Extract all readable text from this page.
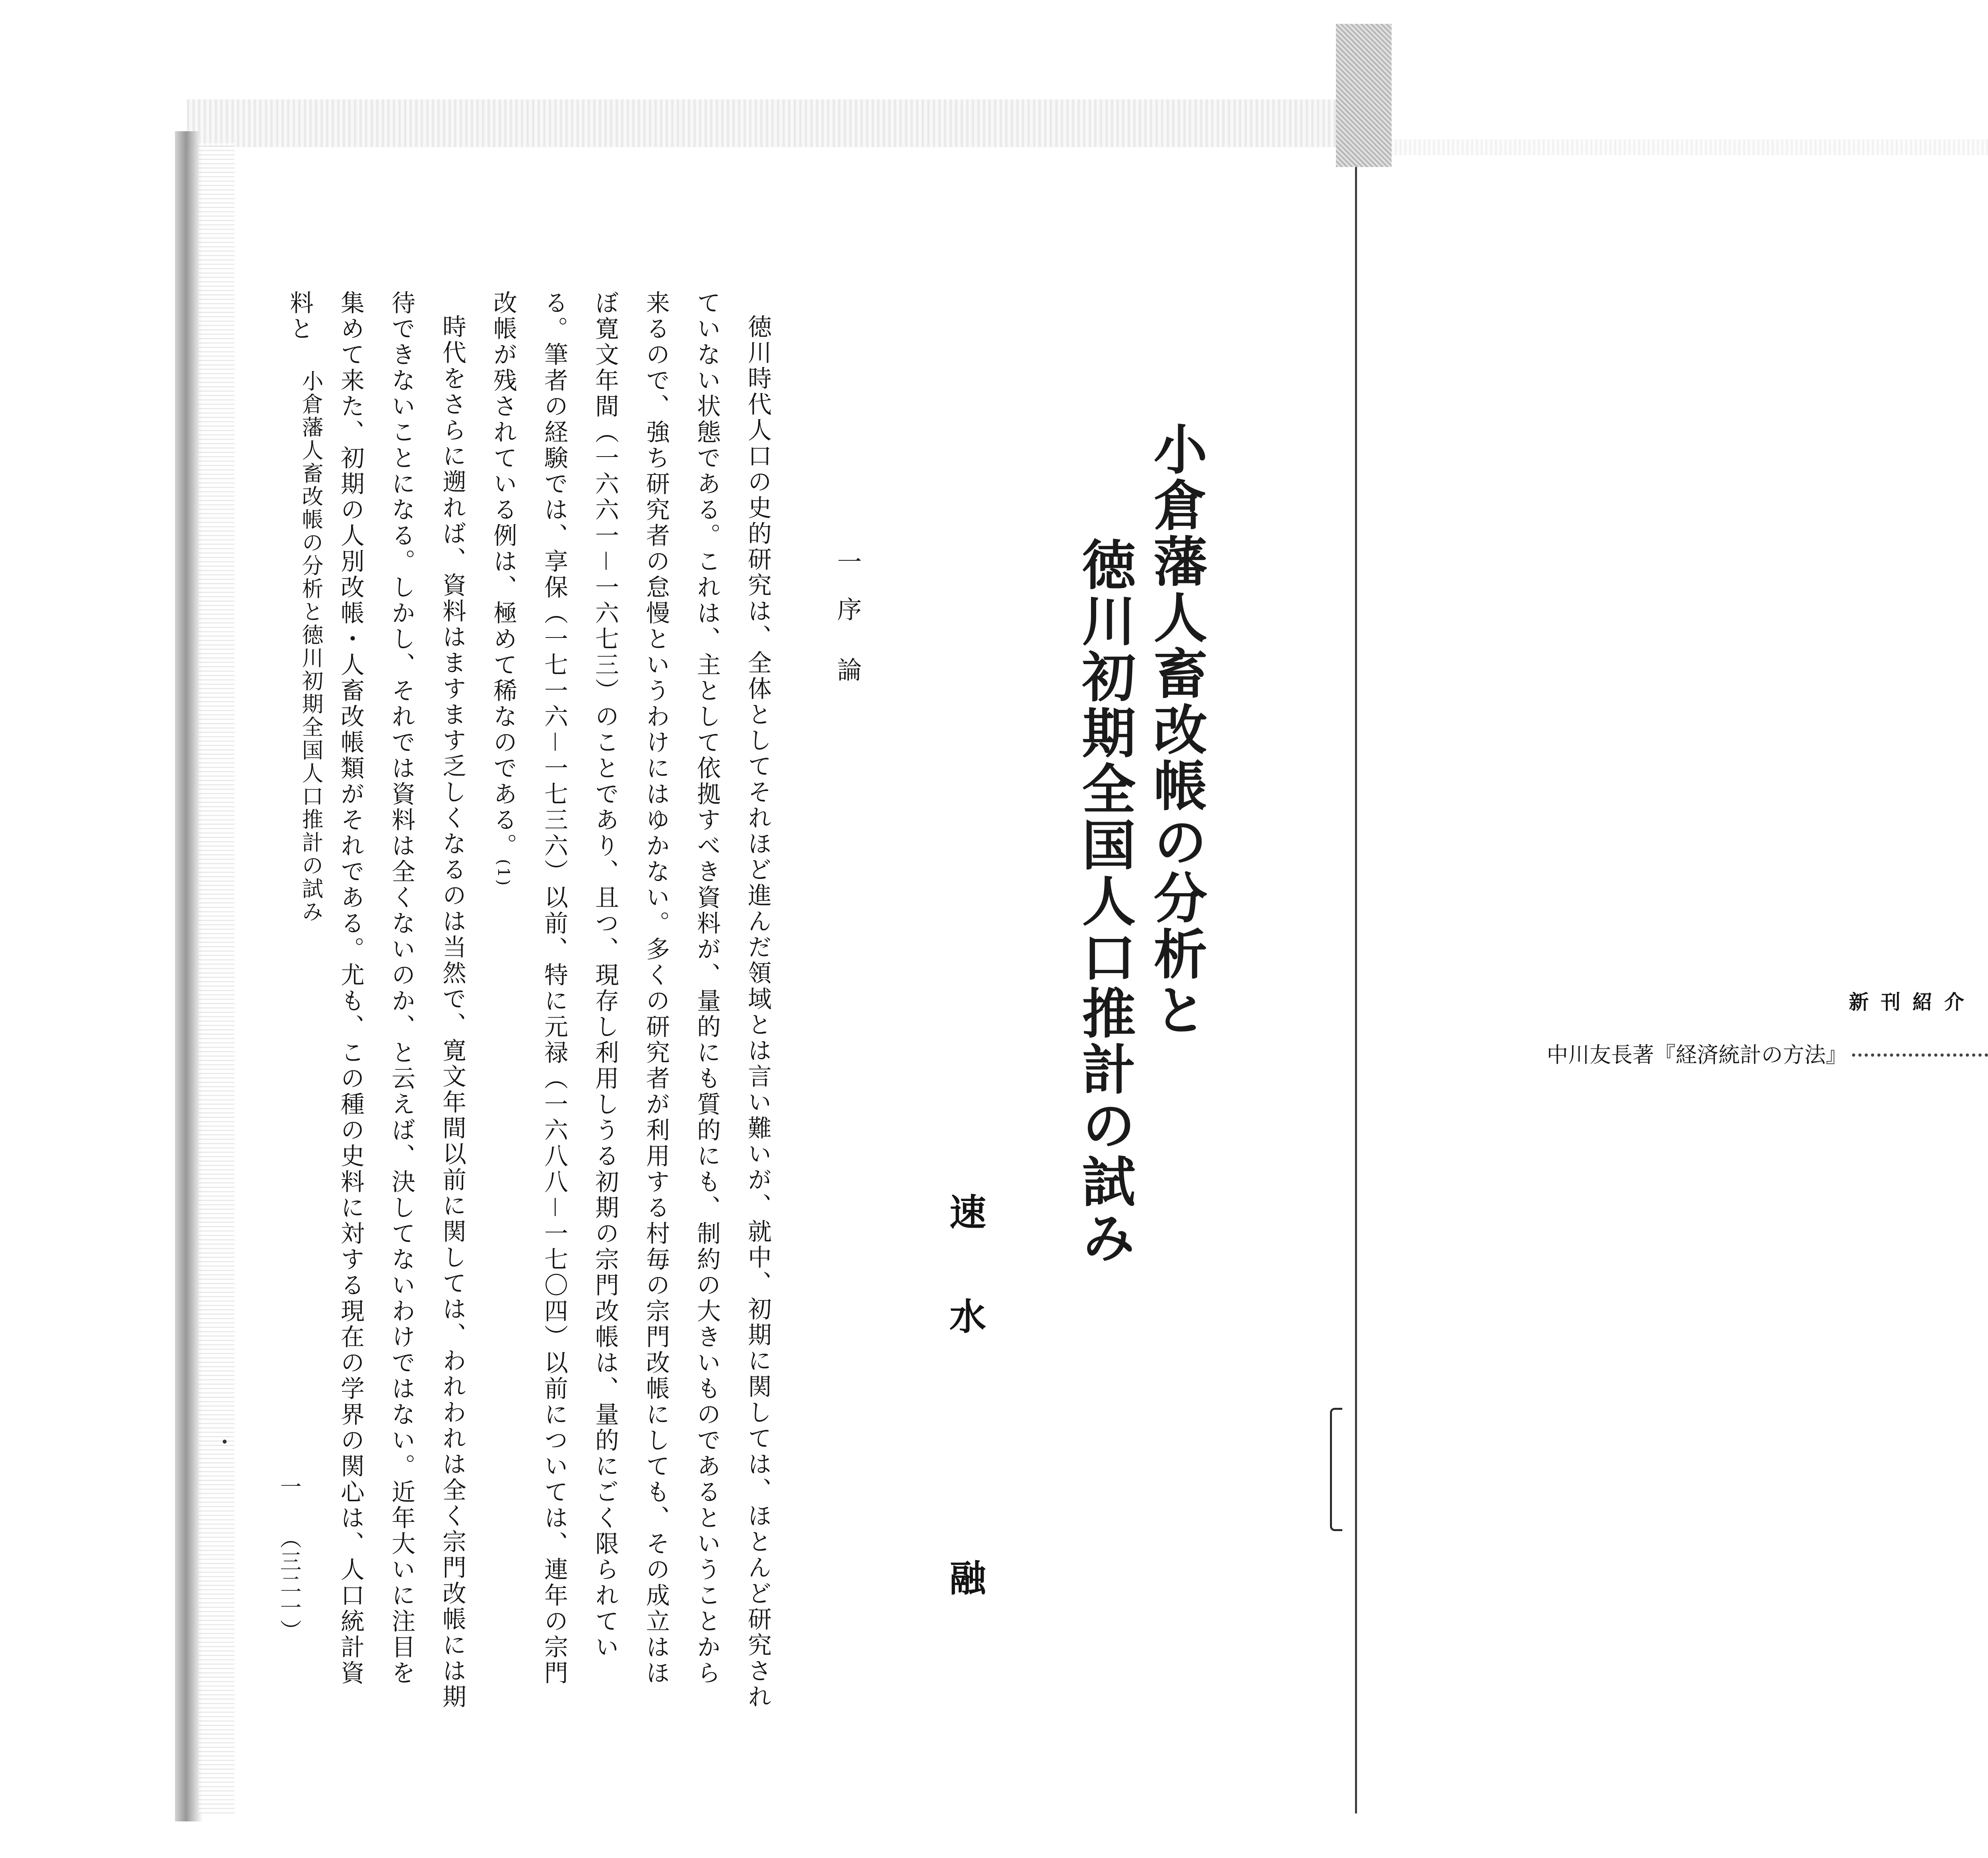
小倉藩人畜改帳の分析と
徳川初期全国人口推計の試み
速水
融
一
序論

徳川時代人口の史的研究は、全体としてそれほど進んだ領域とは言い難いが、就中、初期に関しては、ほとんど研究されていない状態である。これは、主として依拠すべき資料が、量的にも質的にも、制約の大きいものであるということから来るので、強ち研究者の怠慢というわけにはゆかない。多くの研究者が利用する村毎の宗門改帳にしても、その成立はほぼ寛文年間（一六六一－一六七三）のことであり、且つ、現存し利用しうる初期の宗門改帳は、量的にごく限られている。筆者の経験では、享保（一七一六－一七三六）以前、特に元禄（一六八八－一七〇四）以前については、連年の宗門改帳が残されている例は、極めて稀なのである。(1)

時代をさらに遡れば、資料はますます乏しくなるのは当然で、寛文年間以前に関しては、われわれは全く宗門改帳には期待できないことになる。しかし、それでは資料は全くないのか、と云えば、決してないわけではない。近年大いに注目を集めて来た、初期の人別改帳・人畜改帳類がそれである。尤も、この種の史料に対する現在の学界の関心は、人口統計資料と

小倉藩人畜改帳の分析と徳川初期全国人口推計の試み
一
（三二一）
新刊紹介
中川友長著『経済統計の方法』
